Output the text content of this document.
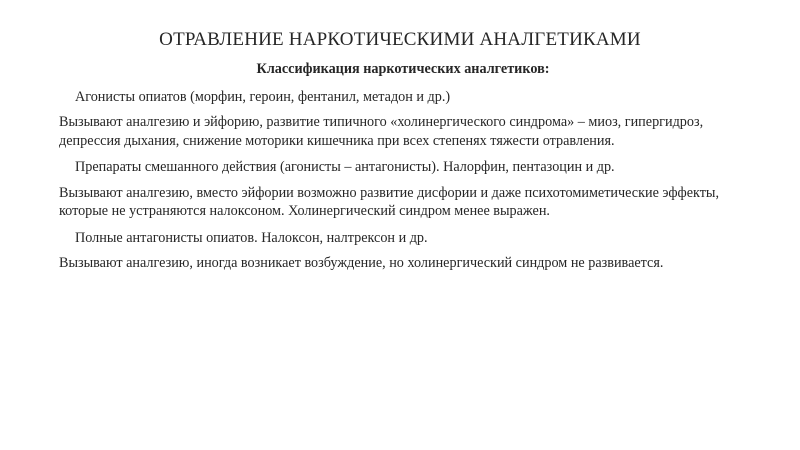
ОТРАВЛЕНИЕ НАРКОТИЧЕСКИМИ АНАЛГЕТИКАМИ
Классификация наркотических аналгетиков:
Агонисты опиатов (морфин, героин, фентанил, метадон и др.)
Вызывают аналгезию и эйфорию, развитие типичного «холинергического синдрома» – миоз, гипергидроз, депрессия дыхания, снижение моторики кишечника при всех степенях тяжести отравления.
Препараты смешанного действия (агонисты – антагонисты). Налорфин, пентазоцин и др.
Вызывают аналгезию, вместо эйфории возможно развитие дисфории и даже психотомиметические эффекты, которые не устраняются налоксоном. Холинергический синдром менее выражен.
Полные антагонисты опиатов. Налоксон, налтрексон и др.
Вызывают аналгезию, иногда возникает возбуждение, но холинергический синдром не развивается.
